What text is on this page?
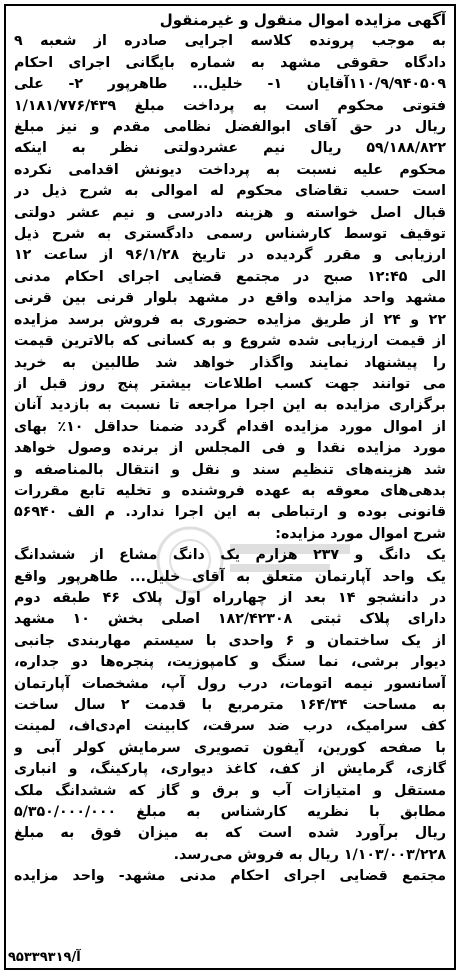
آگهی مزایده اموال منقول و غیرمنقول
به موجب پرونده کلاسه اجرایی صادره از شعبه ۹
دادگاه حقوقی مشهد به شماره بایگانی اجرای احکام
۱۱۰/۹/۹۴۰۵۰۹آقایان ۱- خلیل... طاهرپور ۲- علی
فتوتی محکوم است به پرداخت مبلغ ۱/۱۸۱/۷۷۶/۴۳۹
ریال در حق آقای ابوالفضل نظامی مقدم و نیز مبلغ
۵۹/۱۸۸/۸۲۲ ریال نیم عشردولتی نظر به اینکه
محکوم علیه نسبت به پرداخت دیونش اقدامی نکرده
است حسب تقاضای محکوم له اموالی به شرح ذیل در
قبال اصل خواسته و هزینه دادرسی و نیم عشر دولتی
توقیف توسط کارشناس رسمی دادگستری به شرح ذیل
ارزیابی و مقرر گردیده در تاریخ ۹۶/۱/۲۸ از ساعت ۱۲
الی ۱۲:۴۵ صبح در مجتمع قضایی اجرای احکام مدنی
مشهد واحد مزایده واقع در مشهد بلوار قرنی بین قرنی
۲۲ و ۲۴ از طریق مزایده حضوری به فروش برسد مزایده
از قیمت ارزیابی شده شروع و به کسانی که بالاترین قیمت
را پیشنهاد نمایند واگذار خواهد شد طالبین به خرید
می توانند جهت کسب اطلاعات بیشتر پنج روز قبل از
برگزاری مزایده به این اجرا مراجعه تا نسبت به بازدید آنان
از اموال مورد مزایده اقدام گردد ضمنا حداقل ۱۰٪ بهای
مورد مزایده نقدا و فی المجلس از برنده وصول خواهد
شد هزینه‌های تنظیم سند و نقل و انتقال بالمناصفه و
بدهی‌های معوقه به عهده فروشنده و تخلیه تابع مقررات
قانونی بوده و ارتباطی به این اجرا ندارد. م الف ۵۶۹۴۰
شرح اموال مورد مزایده:
یک دانگ و ۲۳۷ هزارم یک دانگ مشاع از ششدانگ
یک واحد آپارتمان متعلق به آقای خلیل... طاهرپور واقع
در دانشجو ۱۴ بعد از چهارراه اول پلاک ۴۶ طبقه دوم
دارای پلاک ثبتی ۱۸۲/۴۲۳۰۸ اصلی بخش ۱۰ مشهد
از یک ساختمان و ۶ واحدی با سیستم مهاربندی جانبی
دیوار برشی، نما سنگ و کامپوزیت، پنجره‌ها دو جداره،
آسانسور نیمه اتومات، درب رول آپ، مشخصات آپارتمان
به مساحت ۱۶۴/۳۴ مترمربع با قدمت ۲ سال ساخت
کف سرامیک، درب ضد سرقت، کابینت ام‌دی‌اف، لمینت
با صفحه کورین، آیفون تصویری سرمایش کولر آبی و
گازی، گرمایش از کف، کاغذ دیواری، پارکینگ، و انباری
مستقل و امتیازات آب و برق و گاز که ششدانگ ملک
مطابق با نظریه کارشناس به مبلغ ۵/۳۵۰/۰۰۰/۰۰۰
ریال برآورد شده است که به میزان فوق به مبلغ
۱/۱۰۳/۰۰۳/۲۲۸ ریال به فروش می‌رسد.
مجتمع قضایی اجرای احکام مدنی مشهد- واحد مزایده
آ/۹۵۳۳۹۳۱۹
